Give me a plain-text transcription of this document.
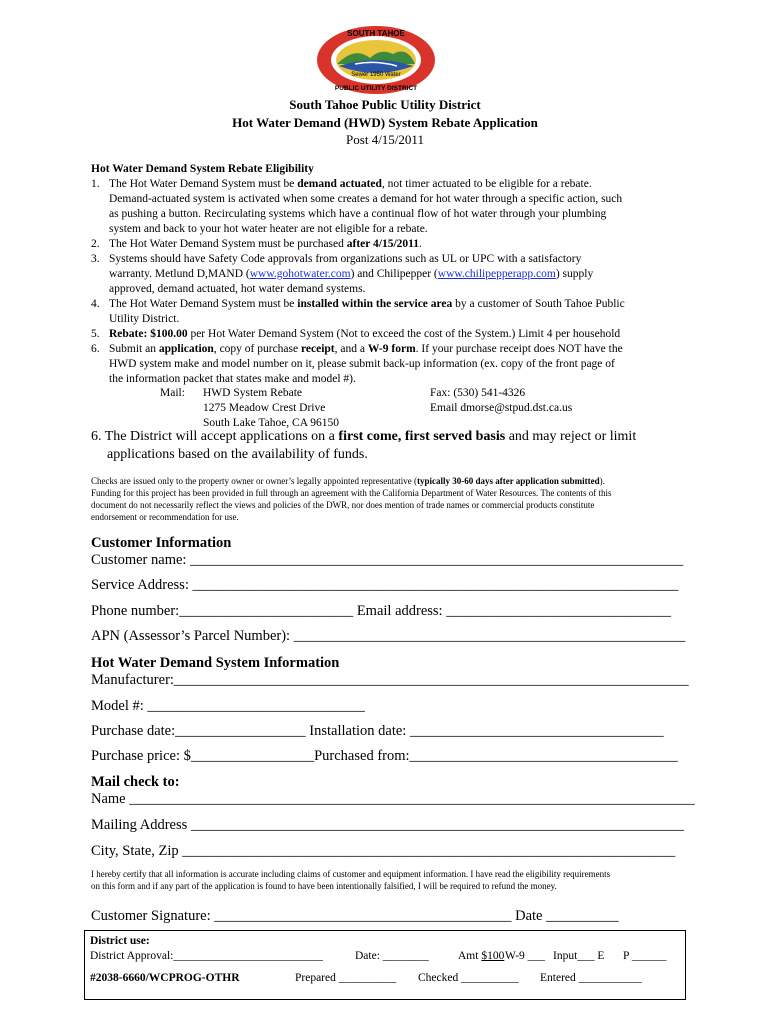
SOUTH TAHOE
Sewer 1950 Water
PUBLIC UTILITY DISTRICT
South Tahoe Public Utility District
Hot Water Demand (HWD) System Rebate Application
Post 4/15/2011
Hot Water Demand System Rebate Eligibility
1. The Hot Water Demand System must be demand actuated, not timer actuated to be eligible for a rebate.
Demand-actuated system is activated when some creates a demand for hot water through a specific action, such
as pushing a button. Recirculating systems which have a continual flow of hot water through your plumbing
system and back to your hot water heater are not eligible for a rebate.
2. The Hot Water Demand System must be purchased after 4/15/2011.
3. Systems should have Safety Code approvals from organizations such as UL or UPC with a satisfactory
warranty. Metlund D,MAND (www.gohotwater.com) and Chilipepper (www.chilipepperapp.com) supply
approved, demand actuated, hot water demand systems.
4. The Hot Water Demand System must be installed within the service area by a customer of South Tahoe Public
Utility District.
5. Rebate: $100.00 per Hot Water Demand System (Not to exceed the cost of the System.) Limit 4 per household
6. Submit an application, copy of purchase receipt, and a W-9 form. If your purchase receipt does NOT have the
HWD system make and model number on it, please submit back-up information (ex. copy of the front page of
the information packet that states make and model #).
Mail: HWD System Rebate
1275 Meadow Crest Drive
South Lake Tahoe, CA 96150
Fax: (530) 541-4326
Email dmorse@stpud.dst.ca.us
6. The District will accept applications on a first come, first served basis and may reject or limit
applications based on the availability of funds.
Checks are issued only to the property owner or owner’s legally appointed representative (typically 30-60 days after application submitted).
Funding for this project has been provided in full through an agreement with the California Department of Water Resources. The contents of this
document do not necessarily reflect the views and policies of the DWR, nor does mention of trade names or commercial products constitute
endorsement or recommendation for use.
Customer Information
Customer name: ____________________________________________________________________
Service Address: ___________________________________________________________________
Phone number:________________________ Email address: _______________________________
APN (Assessor’s Parcel Number): ______________________________________________________
Hot Water Demand System Information
Manufacturer:_______________________________________________________________________
Model #: ______________________________
Purchase date:__________________ Installation date: ___________________________________
Purchase price: $_________________Purchased from:_____________________________________
Mail check to:
Name ______________________________________________________________________________
Mailing Address ____________________________________________________________________
City, State, Zip ____________________________________________________________________
I hereby certify that all information is accurate including claims of customer and equipment information. I have read the eligibility requirements
on this form and if any part of the application is found to have been intentionally falsified, I will be required to refund the money.
Customer Signature: _________________________________________ Date __________
District use:
District Approval:__________________________	Date: ________	Amt $100 W-9 ___ Input___ E P ______
#2038-6660/WCPROG-OTHR	Prepared __________ Checked __________ Entered ___________
